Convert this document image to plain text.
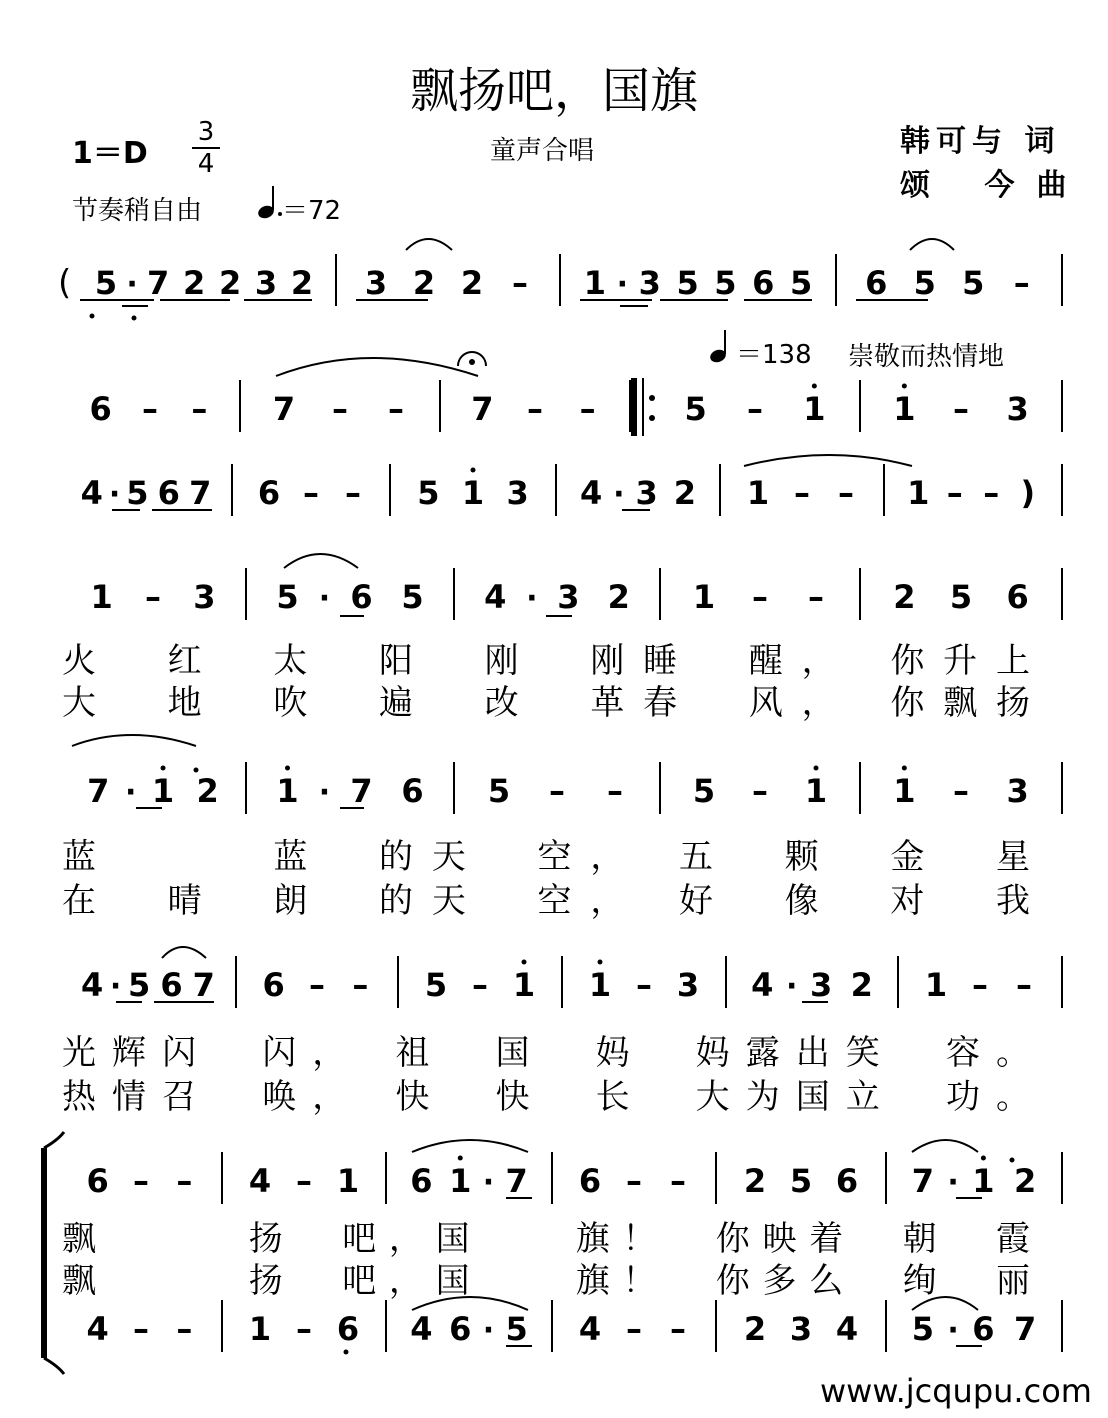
飘扬吧，国旗
1＝D
3
4	童声合唱	韩可与 词
颂 今曲
节奏稍自由	＝72
＝138 崇敬而热情地
( 5 · 7 2 2 3 2 3 2 2 – 1 · 3 5 5 6 5 6 5 5 –
6 – – 7 – – 7 – –	5 – 1 1 – 3
4 · 5 6 7 6 – – 5 1 3 4 · 3 2 1 – – 1 – – )
1 – 3 5 · 6 5 4 · 3 2 1 – – 2 5 6
7 · 1 2 1 · 7 6 5 – – 5 – 1 1 – 3
4 · 5 6 7 6 – – 5 – 1 1 – 3 4 · 3 2 1 – –
6 – – 4 – 1 6 1 · 7 6 – – 2 5 6 7 · 1 2
4 – – 1 – 6 4 6 · 5 4 – – 2 3 4 5 · 6 7
火　红　太　阳　刚　刚睡　醒，　你升上
大　地　吹　遍　改　革春　风，　你飘扬
蓝　　　蓝　的天　空，　五　颗　金　星
在　晴　朗　的天　空，　好　像　对　我
光辉闪　闪，　祖　国　妈　妈露出笑　容。
热情召　唤，　快　快　长　大为国立　功。
飘　　　扬　吧，国　　旗！　你映着　朝　霞
飘　　　扬　吧，国　　旗！　你多么　绚　丽
www.jcqupu.com
